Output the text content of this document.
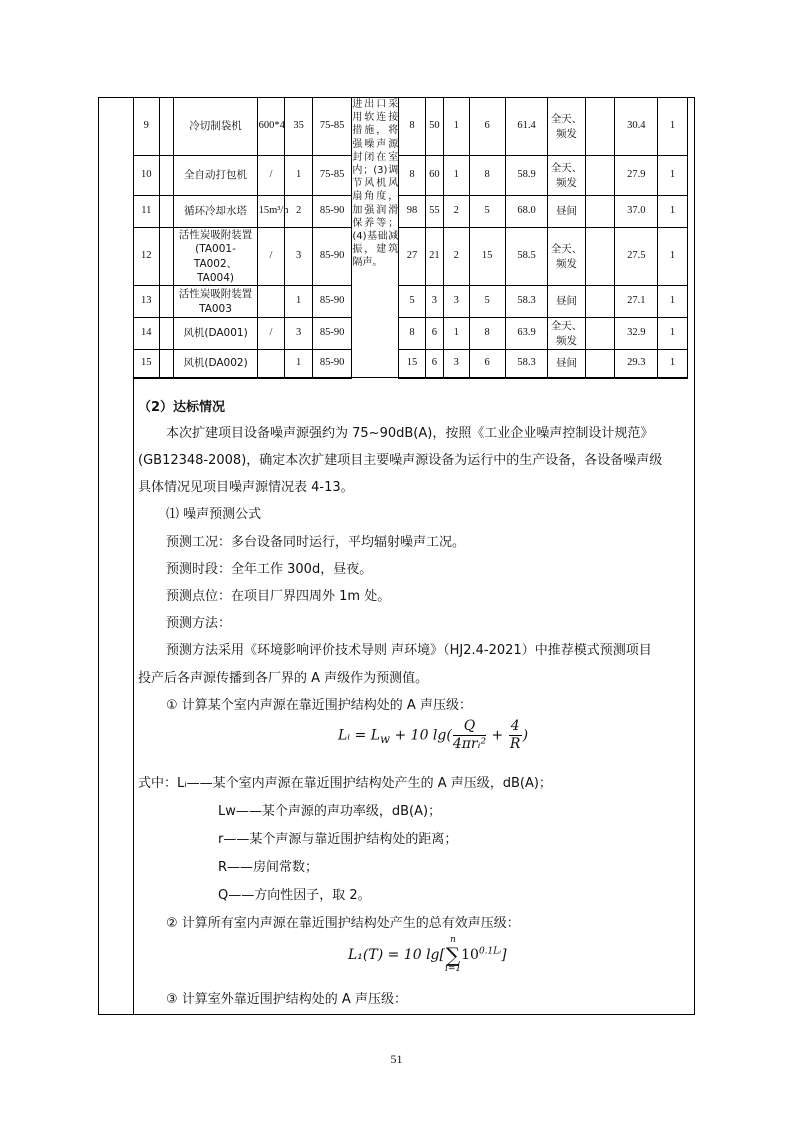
9		冷切制袋机	600*4	35	75-85	进出口采用软连接措施，将强噪声源封闭在室内；(3)调节风机风扇角度，加强润滑保养等；(4)基础减振，建筑隔声。	8	50	1	6	61.4	全天、频发		30.4	1
10		全自动打包机	/	1	75-85		8	60	1	8	58.9	全天、频发		27.9	1
11		循环冷却水塔	15m³/h	2	85-90		98	55	2	5	68.0	昼间		37.0	1
12		活性炭吸附装置(TA001-TA002、TA004)	/	3	85-90		27	21	2	15	58.5	全天、频发		27.5	1
13		活性炭吸附装置 TA003		1	85-90		5	3	3	5	58.3	昼间		27.1	1
14		风机(DA001)	/	3	85-90		8	6	1	8	63.9	全天、频发		32.9	1
15		风机(DA002)		1	85-90		15	6	3	6	58.3	昼间		29.3	1
（2）达标情况
本次扩建项目设备噪声源强约为 75~90dB(A)，按照《工业企业噪声控制设计规范》
(GB12348-2008)，确定本次扩建项目主要噪声源设备为运行中的生产设备，各设备噪声级
具体情况见项目噪声源情况表 4-13。
⑴ 噪声预测公式
预测工况：多台设备同时运行，平均辐射噪声工况。
预测时段：全年工作 300d，昼夜。
预测点位：在项目厂界四周外 1m 处。
预测方法：
预测方法采用《环境影响评价技术导则 声环境》（HJ2.4-2021）中推荐模式预测项目
投产后各声源传播到各厂界的 A 声级作为预测值。
① 计算某个室内声源在靠近围护结构处的 A 声压级：
Lᵢ = $L_w + 10$ $\lg( \frac{Q}{\text{4πrᵢ²}} + \frac{4}{R}$ )
式中：Lᵢ——某个室内声源在靠近围护结构处产生的 A 声压级，dB(A)；
Lw——某个声源的声功率级，dB(A)；
r——某个声源与靠近围护结构处的距离；
R——房间常数；
Q——方向性因子，取 2。
② 计算所有室内声源在靠近围护结构处产生的总有效声压级：
L₁(T) = 10 lg[
n
∑
i=1
$10^{0.1Lᵢ}$]
③ 计算室外靠近围护结构处的 A 声压级：
51
